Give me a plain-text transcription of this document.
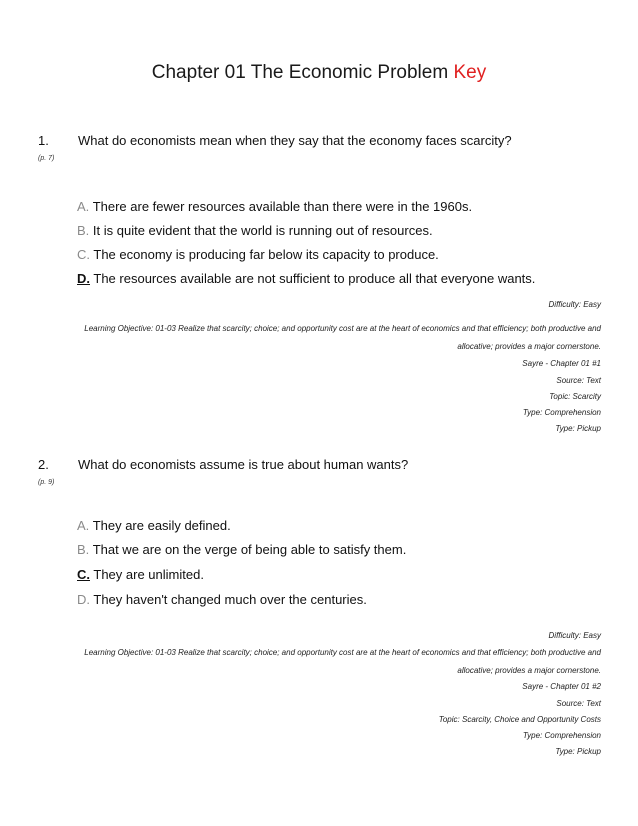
Chapter 01 The Economic Problem Key
1. What do economists mean when they say that the economy faces scarcity?
(p. 7)
A. There are fewer resources available than there were in the 1960s.
B. It is quite evident that the world is running out of resources.
C. The economy is producing far below its capacity to produce.
D. The resources available are not sufficient to produce all that everyone wants.
Difficulty: Easy
Learning Objective: 01-03 Realize that scarcity; choice; and opportunity cost are at the heart of economics and that efficiency; both productive and
allocative; provides a major cornerstone.
Sayre - Chapter 01 #1
Source: Text
Topic: Scarcity
Type: Comprehension
Type: Pickup
2. What do economists assume is true about human wants?
(p. 9)
A. They are easily defined.
B. That we are on the verge of being able to satisfy them.
C. They are unlimited.
D. They haven't changed much over the centuries.
Difficulty: Easy
Learning Objective: 01-03 Realize that scarcity; choice; and opportunity cost are at the heart of economics and that efficiency; both productive and
allocative; provides a major cornerstone.
Sayre - Chapter 01 #2
Source: Text
Topic: Scarcity, Choice and Opportunity Costs
Type: Comprehension
Type: Pickup
